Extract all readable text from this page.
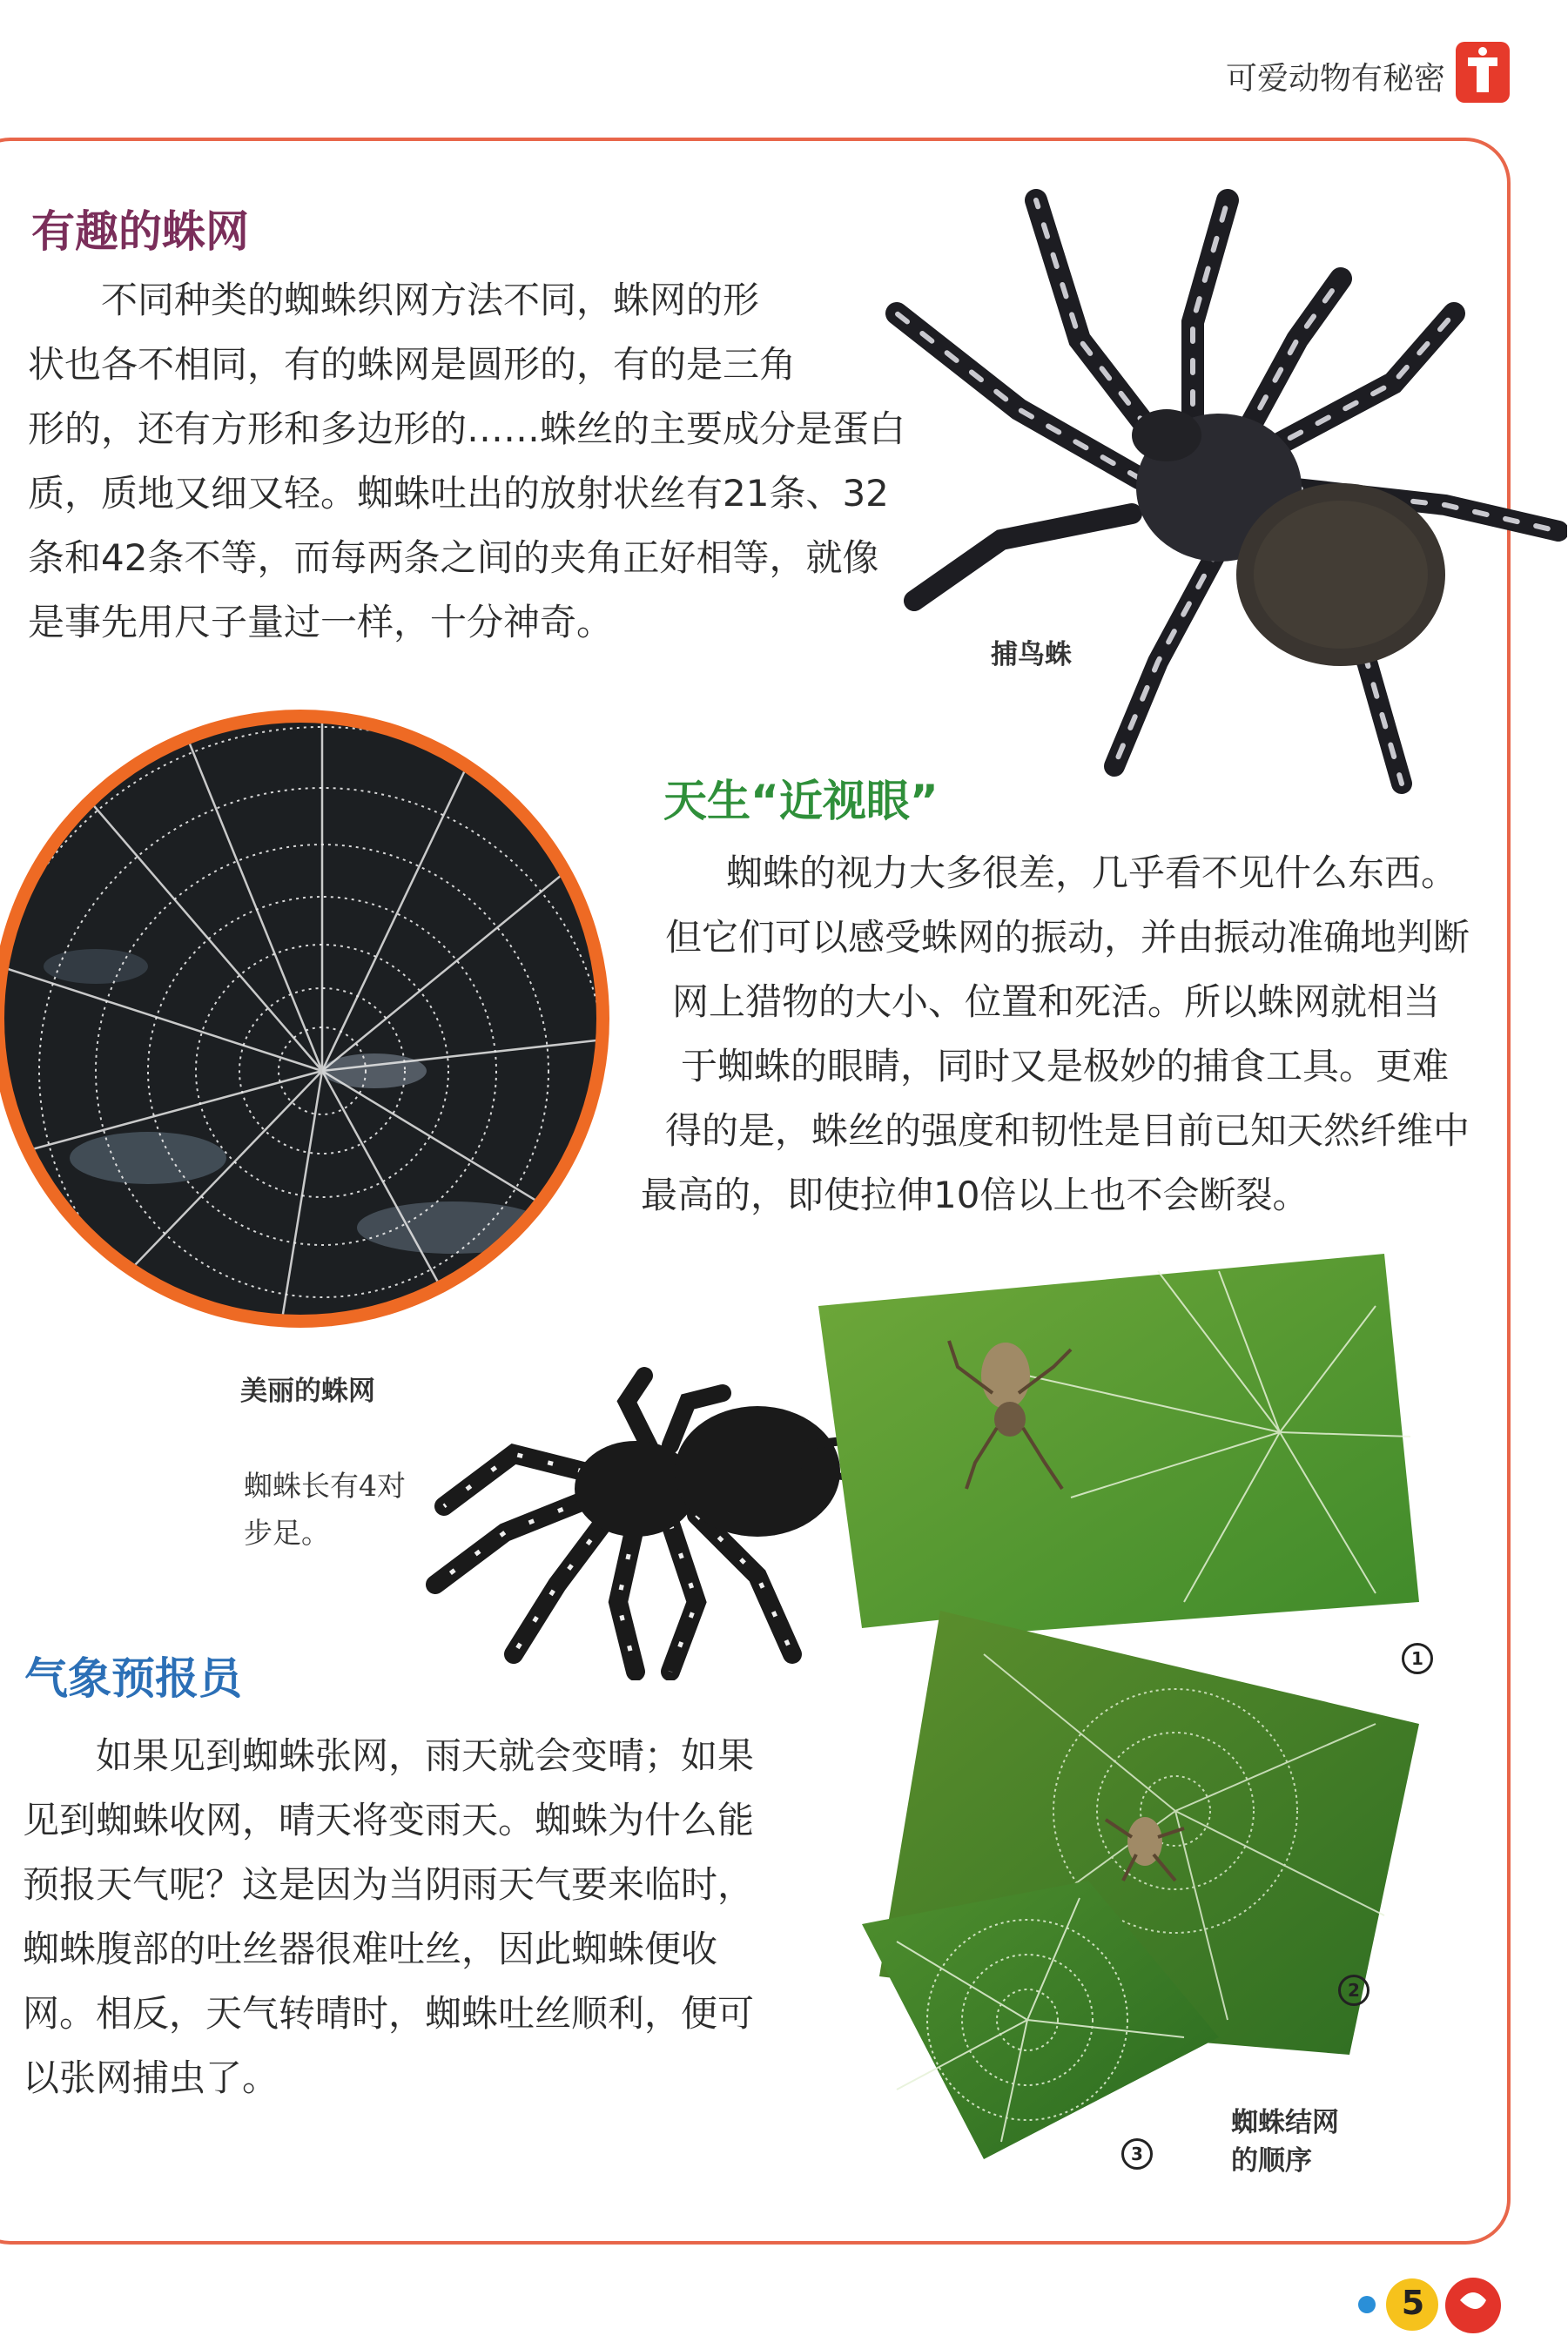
可爱动物有秘密
有趣的蛛网
不同种类的蜘蛛织网方法不同，蛛网的形
状也各不相同，有的蛛网是圆形的，有的是三角
形的，还有方形和多边形的……蛛丝的主要成分是蛋白
质，质地又细又轻。蜘蛛吐出的放射状丝有21条、32
条和42条不等，而每两条之间的夹角正好相等，就像
是事先用尺子量过一样，十分神奇。
捕鸟蛛
天生“近视眼”
蜘蛛的视力大多很差，几乎看不见什么东西。
但它们可以感受蛛网的振动，并由振动准确地判断
网上猎物的大小、位置和死活。所以蛛网就相当
于蜘蛛的眼睛，同时又是极妙的捕食工具。更难
得的是，蛛丝的强度和韧性是目前已知天然纤维中
最高的，即使拉伸10倍以上也不会断裂。
美丽的蛛网
蜘蛛长有4对
步足。
1
2
3
蜘蛛结网
的顺序
气象预报员
如果见到蜘蛛张网，雨天就会变晴；如果
见到蜘蛛收网，晴天将变雨天。蜘蛛为什么能
预报天气呢？这是因为当阴雨天气要来临时，
蜘蛛腹部的吐丝器很难吐丝，因此蜘蛛便收
网。相反，天气转晴时，蜘蛛吐丝顺利，便可
以张网捕虫了。
5
